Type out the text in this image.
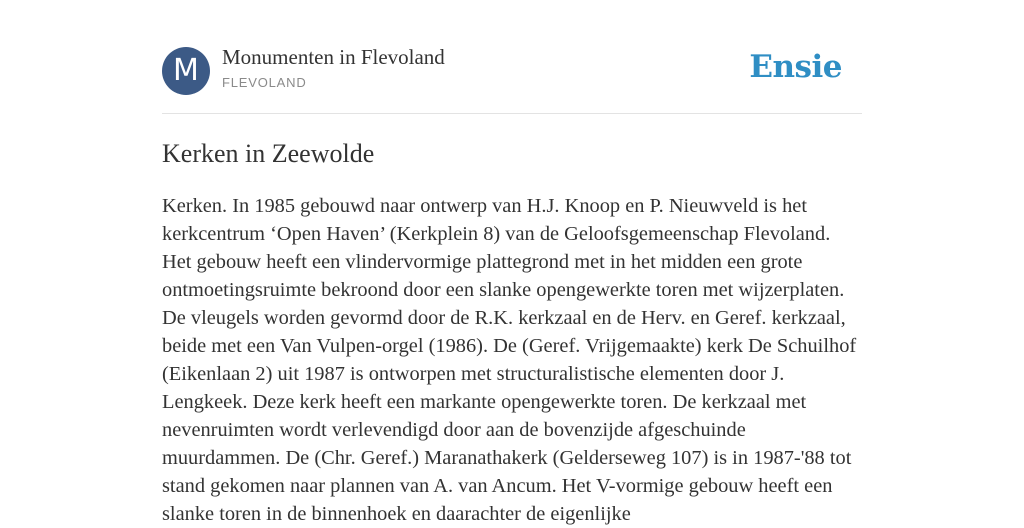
M	Monumenten in Flevoland
FLEVOLAND	Ensie
Kerken in Zeewolde

Kerken. In 1985 gebouwd naar ontwerp van H.J. Knoop en P. Nieuwveld is het kerkcentrum ‘Open Haven’ (Kerkplein 8) van de Geloofsgemeenschap Flevoland. Het gebouw heeft een vlindervormige plattegrond met in het midden een grote ontmoetingsruimte bekroond door een slanke opengewerkte toren met wijzerplaten. De vleugels worden gevormd door de R.K. kerkzaal en de Herv. en Geref. kerkzaal, beide met een Van Vulpen-orgel (1986). De (Geref. Vrijgemaakte) kerk De Schuilhof (Eikenlaan 2) uit 1987 is ontworpen met structuralistische elementen door J. Lengkeek. Deze kerk heeft een markante opengewerkte toren. De kerkzaal met nevenruimten wordt verlevendigd door aan de bovenzijde afgeschuinde muurdammen. De (Chr. Geref.) Maranathakerk (Gelderseweg 107) is in 1987-'88 tot stand gekomen naar plannen van A. van Ancum. Het V-vormige gebouw heeft een slanke toren in de binnenhoek en daarachter de eigenlijke
